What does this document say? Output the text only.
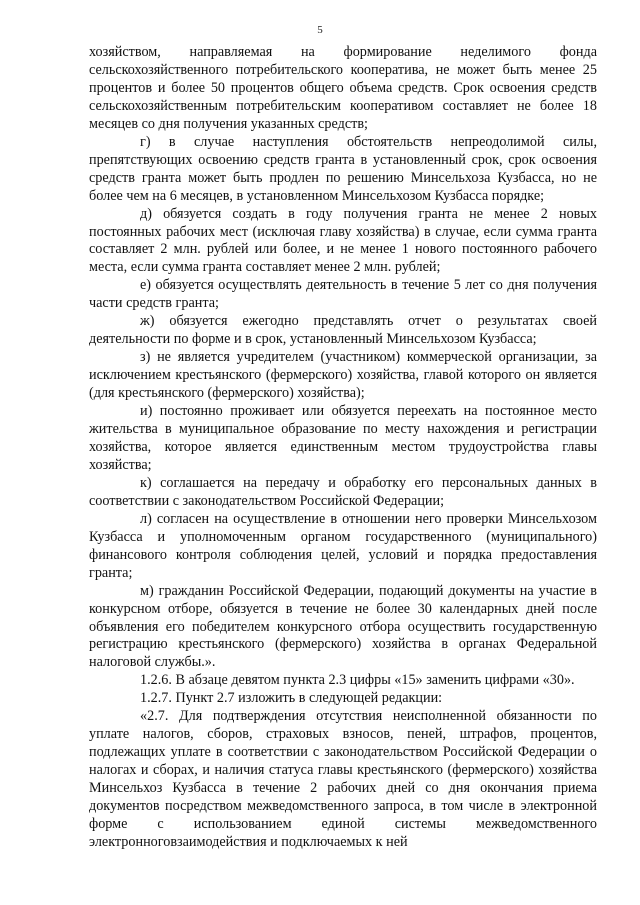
5

хозяйством, направляемая на формирование неделимого фонда сельскохозяйственного потребительского кооператива, не может быть менее 25 процентов и более 50 процентов общего объема средств. Срок освоения средств сельскохозяйственным потребительским кооперативом составляет не более 18 месяцев со дня получения указанных средств;

г) в случае наступления обстоятельств непреодолимой силы, препятствующих освоению средств гранта в установленный срок, срок освоения средств гранта может быть продлен по решению Минсельхоза Кузбасса, но не более чем на 6 месяцев, в установленном Минсельхозом Кузбасса порядке;

д) обязуется создать в году получения гранта не менее 2 новых постоянных рабочих мест (исключая главу хозяйства) в случае, если сумма гранта составляет 2 млн. рублей или более, и не менее 1 нового постоянного рабочего места, если сумма гранта составляет менее 2 млн. рублей;

е) обязуется осуществлять деятельность в течение 5 лет со дня получения части средств гранта;

ж) обязуется ежегодно представлять отчет о результатах своей деятельности по форме и в срок, установленный Минсельхозом Кузбасса;

з) не является учредителем (участником) коммерческой организации, за исключением крестьянского (фермерского) хозяйства, главой которого он является (для крестьянского (фермерского) хозяйства);

и) постоянно проживает или обязуется переехать на постоянное место жительства в муниципальное образование по месту нахождения и регистрации хозяйства, которое является единственным местом трудоустройства главы хозяйства;

к) соглашается на передачу и обработку его персональных данных в соответствии с законодательством Российской Федерации;

л) согласен на осуществление в отношении него проверки Минсельхозом Кузбасса и уполномоченным органом государственного (муниципального) финансового контроля соблюдения целей, условий и порядка предоставления гранта;

м) гражданин Российской Федерации, подающий документы на участие в конкурсном отборе, обязуется в течение не более 30 календарных дней после объявления его победителем конкурсного отбора осуществить государственную регистрацию крестьянского (фермерского) хозяйства в органах Федеральной налоговой службы.».

1.2.6. В абзаце девятом пункта 2.3 цифры «15» заменить цифрами «30».

1.2.7. Пункт 2.7 изложить в следующей редакции:

«2.7. Для подтверждения отсутствия неисполненной обязанности по уплате налогов, сборов, страховых взносов, пеней, штрафов, процентов, подлежащих уплате в соответствии с законодательством Российской Федерации о налогах и сборах, и наличия статуса главы крестьянского (фермерского) хозяйства Минсельхоз Кузбасса в течение 2 рабочих дней со дня окончания приема документов посредством межведомственного запроса, в том числе в электронной форме с использованием единой системы межведомственного электронноговзаимодействия и подключаемых к ней
